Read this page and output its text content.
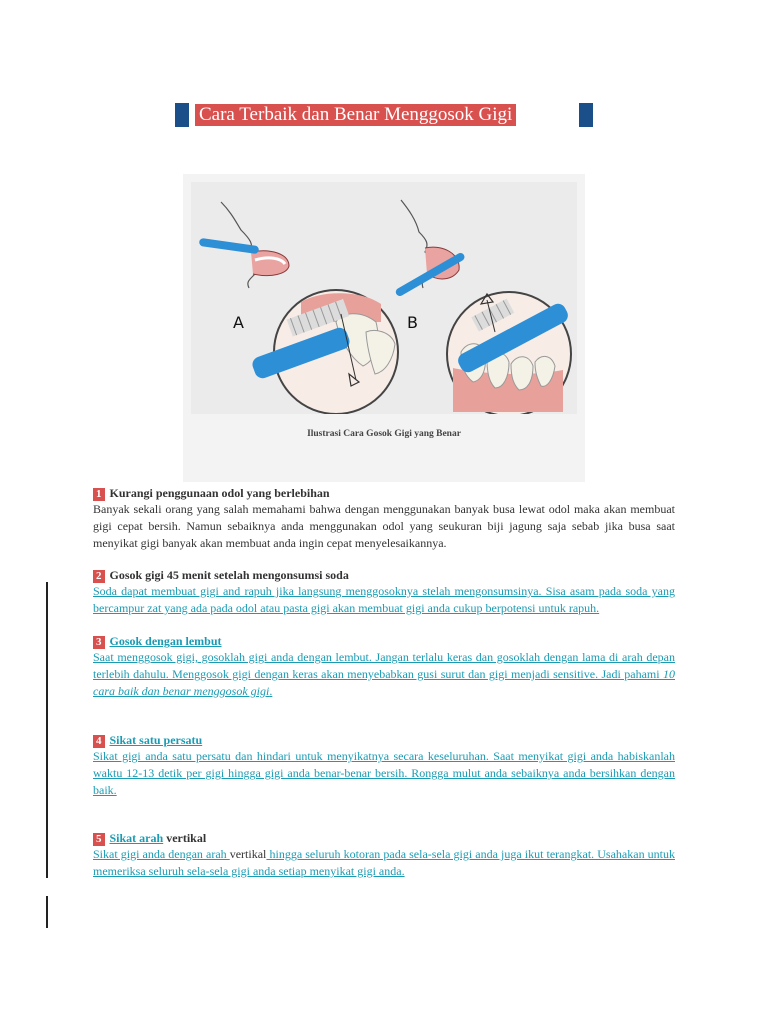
Cara Terbaik dan Benar Menggosok Gigi
A	B
Ilustrasi Cara Gosok Gigi yang Benar
1 Kurangi penggunaan odol yang berlebihan
Banyak sekali orang yang salah memahami bahwa dengan menggunakan banyak busa lewat odol maka akan membuat gigi cepat bersih. Namun sebaiknya anda menggunakan odol yang seukuran biji jagung saja sebab jika busa saat menyikat gigi banyak akan membuat anda ingin cepat menyelesaikannya.
2 Gosok gigi 45 menit setelah mengonsumsi soda
Soda dapat membuat gigi and rapuh jika langsung menggosoknya stelah mengonsumsinya. Sisa asam pada soda yang bercampur zat yang ada pada odol atau pasta gigi akan membuat gigi anda cukup berpotensi untuk rapuh.
3 Gosok dengan lembut
Saat menggosok gigi, gosoklah gigi anda dengan lembut. Jangan terlalu keras dan gosoklah dengan lama di arah depan terlebih dahulu. Menggosok gigi dengan keras akan menyebabkan gusi surut dan gigi menjadi sensitive. Jadi pahami 10 cara baik dan benar menggosok gigi.
4 Sikat satu persatu
Sikat gigi anda satu persatu dan hindari untuk menyikatnya secara keseluruhan. Saat menyikat gigi anda habiskanlah waktu 12-13 detik per gigi hingga gigi anda benar-benar bersih. Rongga mulut anda sebaiknya anda bersihkan dengan baik.
5 Sikat arah vertikal
Sikat gigi anda dengan arah vertikal hingga seluruh kotoran pada sela-sela gigi anda juga ikut terangkat. Usahakan untuk memeriksa seluruh sela-sela gigi anda setiap menyikat gigi anda.
